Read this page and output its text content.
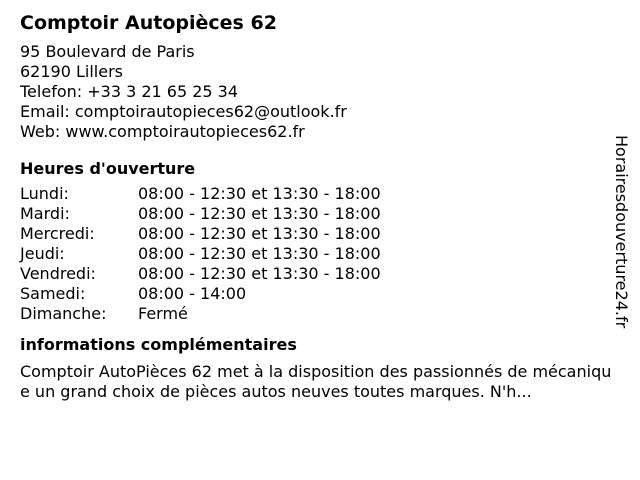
Comptoir Autopièces 62
95 Boulevard de Paris
62190 Lillers
Telefon: +33 3 21 65 25 34
Email: comptoirautopieces62@outlook.fr
Web: www.comptoirautopieces62.fr
Heures d'ouverture
Lundi:	08:00 - 12:30 et 13:30 - 18:00
Mardi:	08:00 - 12:30 et 13:30 - 18:00
Mercredi:	08:00 - 12:30 et 13:30 - 18:00
Jeudi:	08:00 - 12:30 et 13:30 - 18:00
Vendredi:	08:00 - 12:30 et 13:30 - 18:00
Samedi:	08:00 - 14:00
Dimanche:	Fermé
informations complémentaires
Comptoir AutoPièces 62 met à la disposition des passionnés de mécanique un grand choix de pièces autos neuves toutes marques. N'h...
Horairesdouverture24.fr
